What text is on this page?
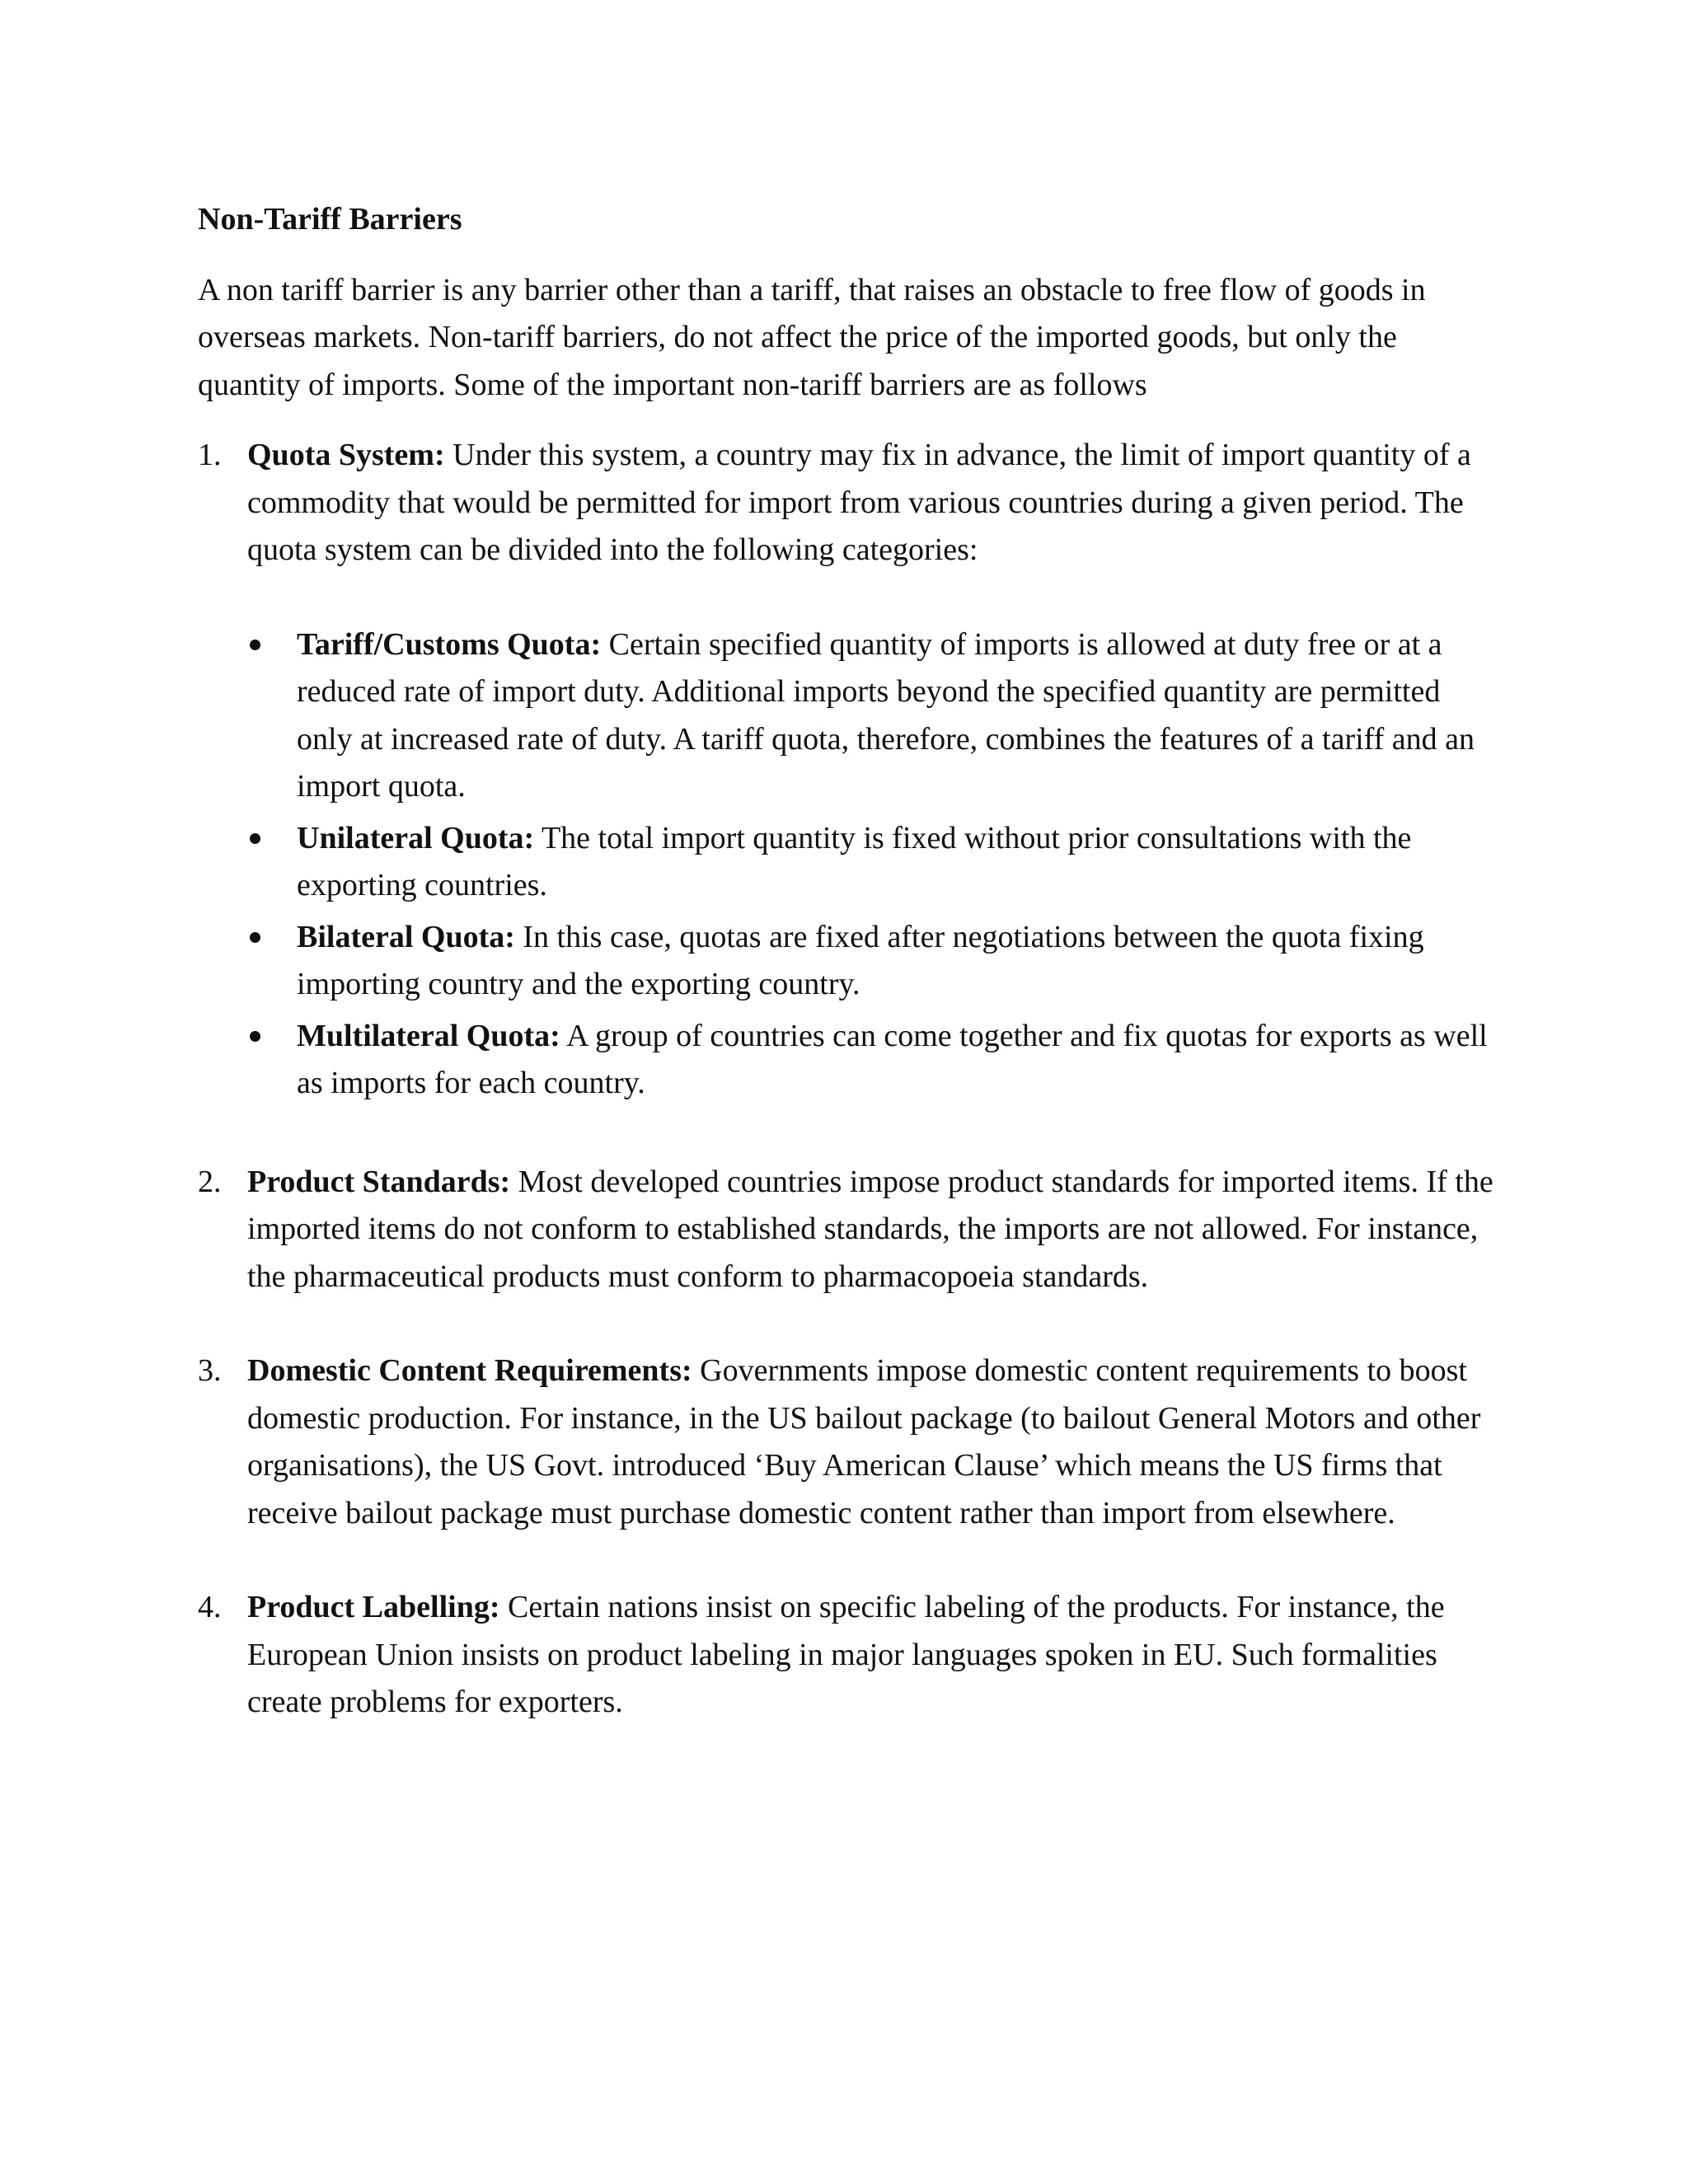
Non-Tariff Barriers

A non tariff barrier is any barrier other than a tariff, that raises an obstacle to free flow of goods in overseas markets. Non-tariff barriers, do not affect the price of the imported goods, but only the quantity of imports. Some of the important non-tariff barriers are as follows

1. Quota System: Under this system, a country may fix in advance, the limit of import quantity of a commodity that would be permitted for import from various countries during a given period. The quota system can be divided into the following categories:

Tariff/Customs Quota: Certain specified quantity of imports is allowed at duty free or at a reduced rate of import duty. Additional imports beyond the specified quantity are permitted only at increased rate of duty. A tariff quota, therefore, combines the features of a tariff and an import quota.
Unilateral Quota: The total import quantity is fixed without prior consultations with the exporting countries.
Bilateral Quota: In this case, quotas are fixed after negotiations between the quota fixing importing country and the exporting country.
Multilateral Quota: A group of countries can come together and fix quotas for exports as well as imports for each country.
2. Product Standards: Most developed countries impose product standards for imported items. If the imported items do not conform to established standards, the imports are not allowed. For instance, the pharmaceutical products must conform to pharmacopoeia standards.

3. Domestic Content Requirements: Governments impose domestic content requirements to boost domestic production. For instance, in the US bailout package (to bailout General Motors and other organisations), the US Govt. introduced ‘Buy American Clause’ which means the US firms that receive bailout package must purchase domestic content rather than import from elsewhere.

4. Product Labelling: Certain nations insist on specific labeling of the products. For instance, the European Union insists on product labeling in major languages spoken in EU. Such formalities create problems for exporters.
